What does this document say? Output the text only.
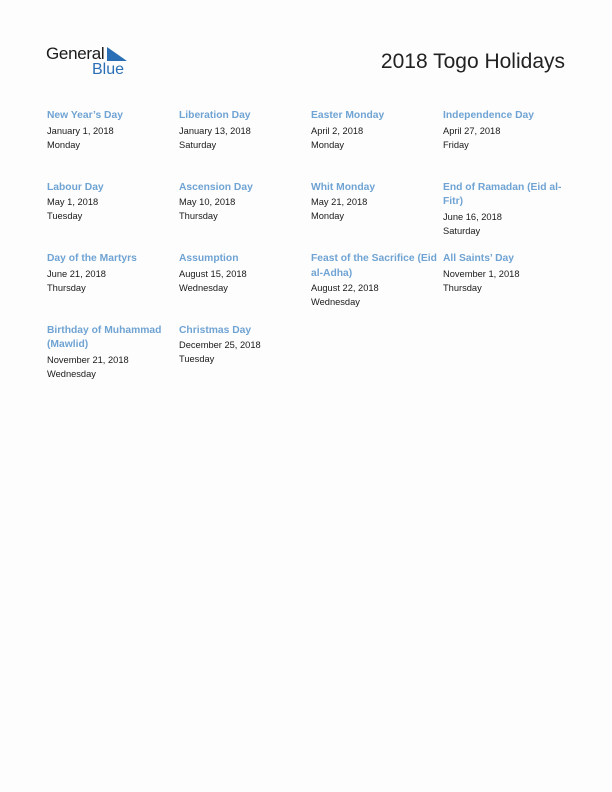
General
Blue	2018 Togo Holidays
New Year’s Day
January 1, 2018
Monday
Liberation Day
January 13, 2018
Saturday
Easter Monday
April 2, 2018
Monday
Independence Day
April 27, 2018
Friday
Labour Day
May 1, 2018
Tuesday
Ascension Day
May 10, 2018
Thursday
Whit Monday
May 21, 2018
Monday
End of Ramadan (Eid al-Fitr)
June 16, 2018
Saturday
Day of the Martyrs
June 21, 2018
Thursday
Assumption
August 15, 2018
Wednesday
Feast of the Sacrifice (Eid al-Adha)
August 22, 2018
Wednesday
All Saints’ Day
November 1, 2018
Thursday
Birthday of Muhammad (Mawlid)
November 21, 2018
Wednesday
Christmas Day
December 25, 2018
Tuesday
